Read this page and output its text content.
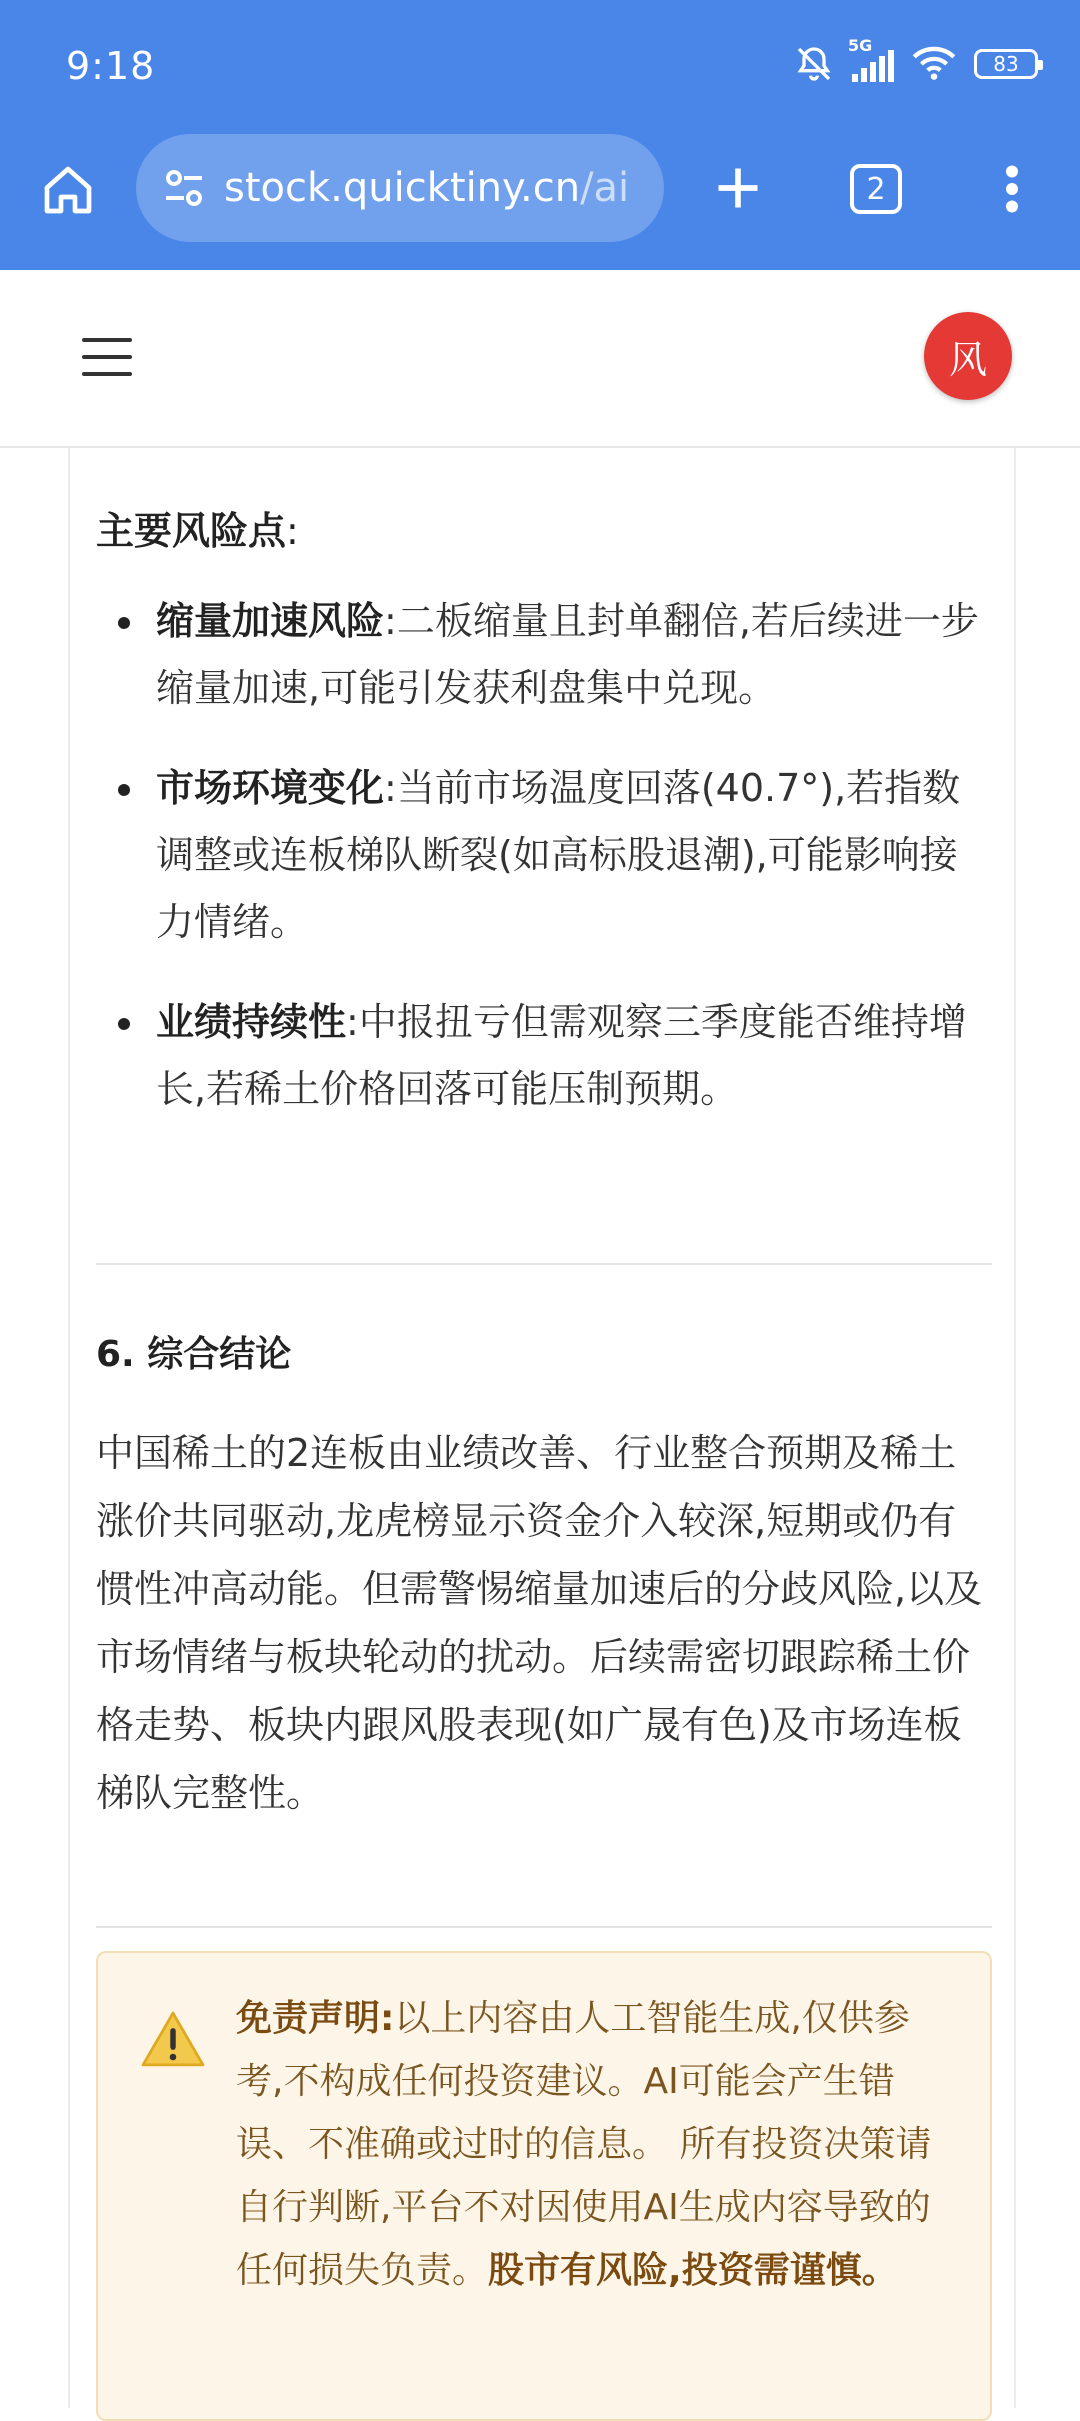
9:18	5G
83
stock.quicktiny.cn/ai	2
风
主要风险点:
缩量加速风险:二板缩量且封单翻倍,若后续进一步缩量加速,可能引发获利盘集中兑现。
市场环境变化:当前市场温度回落(40.7°),若指数调整或连板梯队断裂(如高标股退潮),可能影响接力情绪。
业绩持续性:中报扭亏但需观察三季度能否维持增长,若稀土价格回落可能压制预期。
6. 综合结论
中国稀土的2连板由业绩改善、行业整合预期及稀土涨价共同驱动,龙虎榜显示资金介入较深,短期或仍有惯性冲高动能。但需警惕缩量加速后的分歧风险,以及市场情绪与板块轮动的扰动。后续需密切跟踪稀土价格走势、板块内跟风股表现(如广晟有色)及市场连板梯队完整性。
免责声明:以上内容由人工智能生成,仅供参考,不构成任何投资建议。AI可能会产生错误、不准确或过时的信息。 所有投资决策请自行判断,平台不对因使用AI生成内容导致的任何损失负责。股市有风险,投资需谨慎。
